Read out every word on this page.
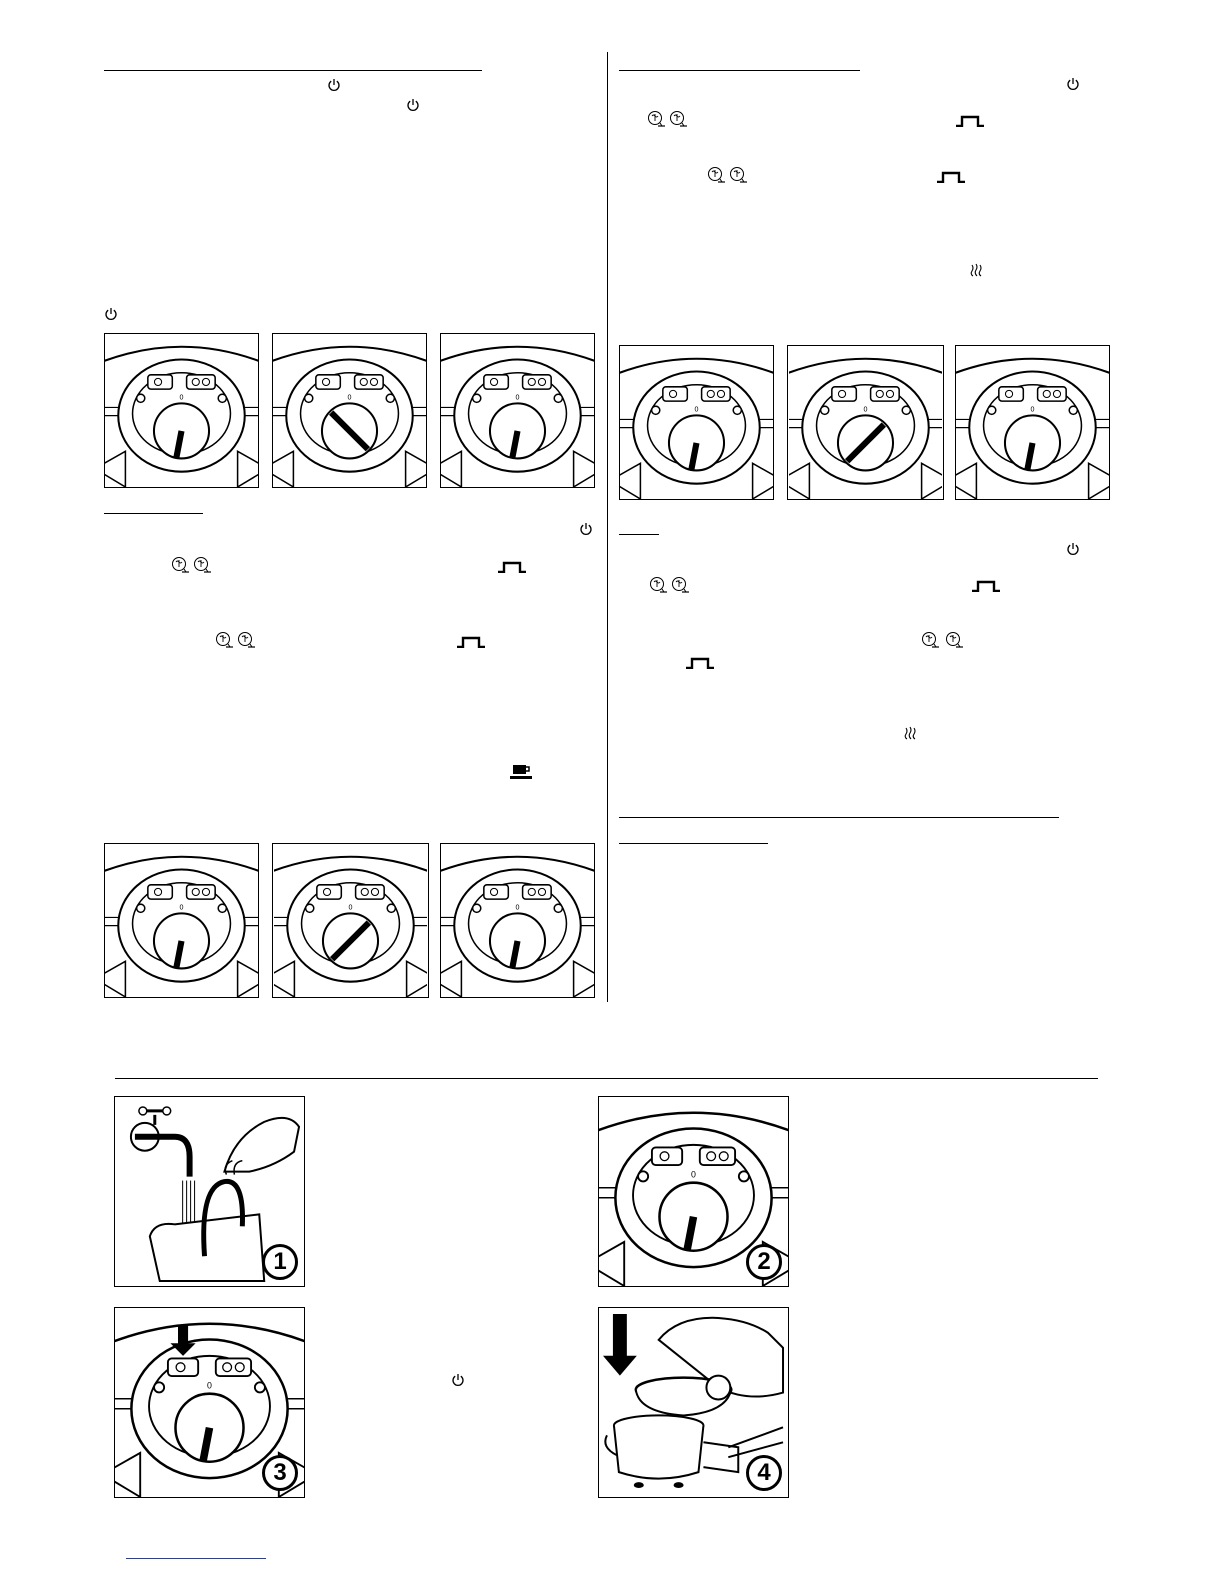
1	2
3	4
